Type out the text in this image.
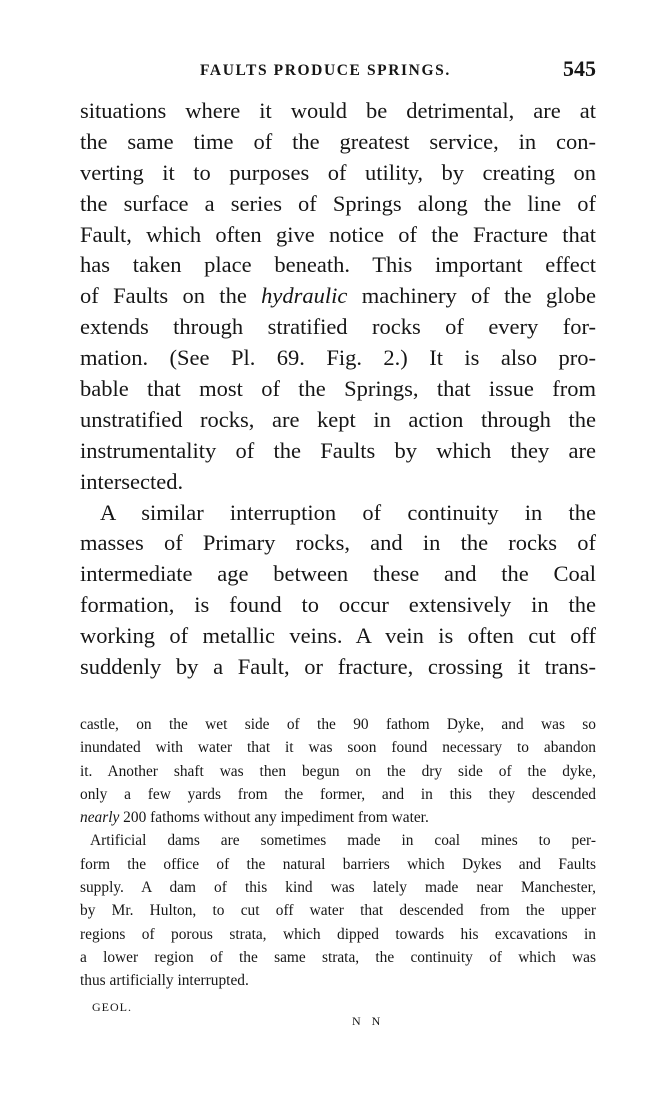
FAULTS PRODUCE SPRINGS.	545
situations where it would be detrimental, are at
the same time of the greatest service, in con-
verting it to purposes of utility, by creating on
the surface a series of Springs along the line of
Fault, which often give notice of the Fracture that
has taken place beneath. This important effect
of Faults on the hydraulic machinery of the globe
extends through stratified rocks of every for-
mation. (See Pl. 69. Fig. 2.) It is also pro-
bable that most of the Springs, that issue from
unstratified rocks, are kept in action through the
instrumentality of the Faults by which they are
intersected.
A similar interruption of continuity in the
masses of Primary rocks, and in the rocks of
intermediate age between these and the Coal
formation, is found to occur extensively in the
working of metallic veins. A vein is often cut off
suddenly by a Fault, or fracture, crossing it trans-
castle, on the wet side of the 90 fathom Dyke, and was so
inundated with water that it was soon found necessary to abandon
it. Another shaft was then begun on the dry side of the dyke,
only a few yards from the former, and in this they descended
nearly 200 fathoms without any impediment from water.
Artificial dams are sometimes made in coal mines to per-
form the office of the natural barriers which Dykes and Faults
supply. A dam of this kind was lately made near Manchester,
by Mr. Hulton, to cut off water that descended from the upper
regions of porous strata, which dipped towards his excavations in
a lower region of the same strata, the continuity of which was
thus artificially interrupted.
GEOL.
N N
